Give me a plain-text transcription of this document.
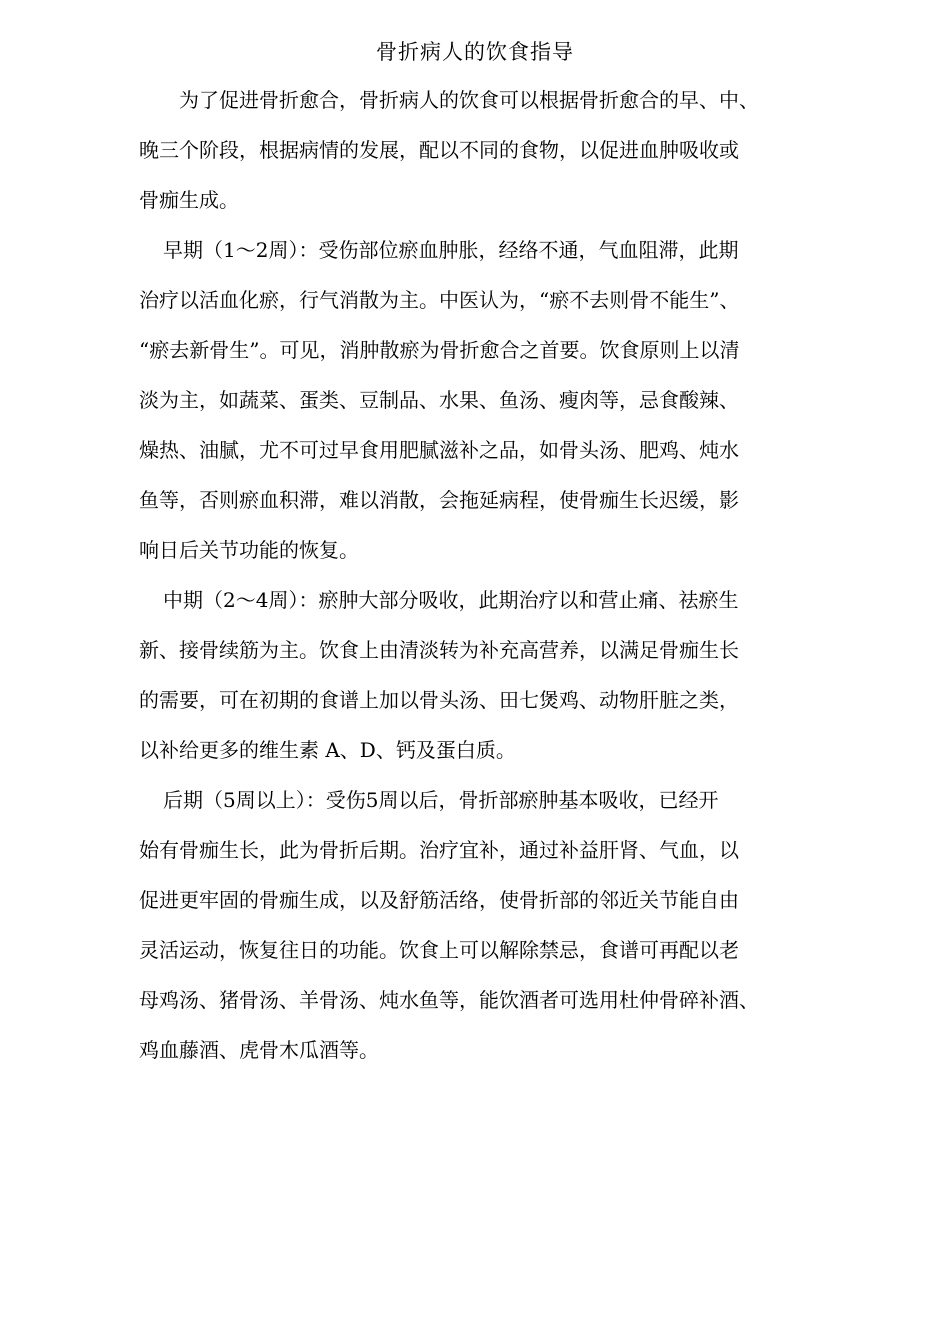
骨折病人的饮食指导
为了促进骨折愈合，骨折病人的饮食可以根据骨折愈合的早、中、
晚三个阶段，根据病情的发展，配以不同的食物，以促进血肿吸收或
骨痂生成。
早期（1～2周）：受伤部位瘀血肿胀，经络不通，气血阻滞，此期
治疗以活血化瘀，行气消散为主。中医认为，“瘀不去则骨不能生”、
“瘀去新骨生”。可见，消肿散瘀为骨折愈合之首要。饮食原则上以清
淡为主，如蔬菜、蛋类、豆制品、水果、鱼汤、瘦肉等，忌食酸辣、
燥热、油腻，尤不可过早食用肥腻滋补之品，如骨头汤、肥鸡、炖水
鱼等，否则瘀血积滞，难以消散，会拖延病程，使骨痂生长迟缓，影
响日后关节功能的恢复。
中期（2～4周）：瘀肿大部分吸收，此期治疗以和营止痛、祛瘀生
新、接骨续筋为主。饮食上由清淡转为补充高营养，以满足骨痂生长
的需要，可在初期的食谱上加以骨头汤、田七煲鸡、动物肝脏之类，
以补给更多的维生素 A、D、钙及蛋白质。
后期（5周以上）：受伤5周以后，骨折部瘀肿基本吸收，已经开
始有骨痂生长，此为骨折后期。治疗宜补，通过补益肝肾、气血，以
促进更牢固的骨痂生成，以及舒筋活络，使骨折部的邻近关节能自由
灵活运动，恢复往日的功能。饮食上可以解除禁忌，食谱可再配以老
母鸡汤、猪骨汤、羊骨汤、炖水鱼等，能饮酒者可选用杜仲骨碎补酒、
鸡血藤酒、虎骨木瓜酒等。
